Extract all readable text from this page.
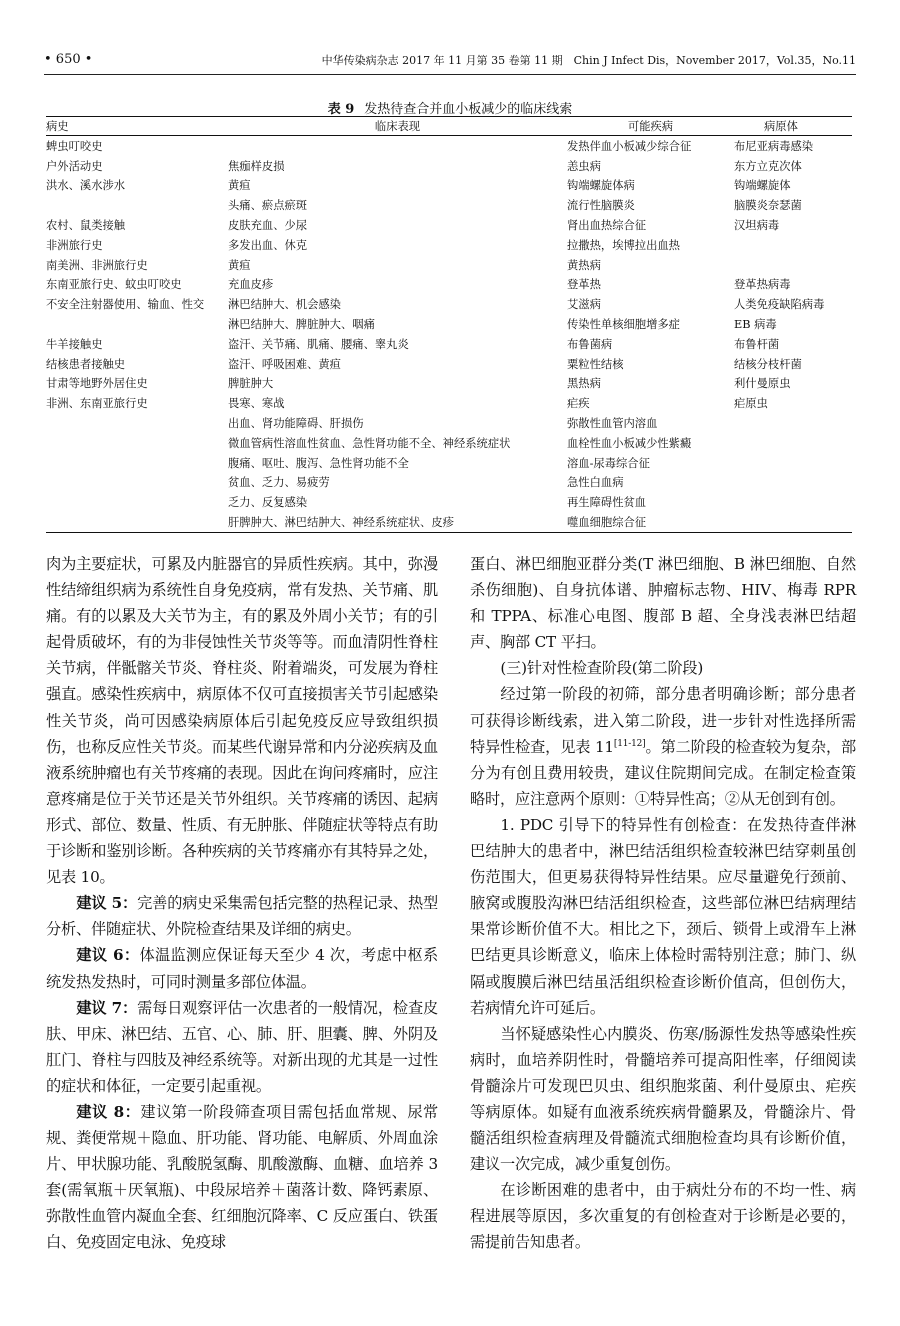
• 650 •	中华传染病杂志 2017 年 11 月第 35 卷第 11 期　Chin J Infect Dis，November 2017，Vol.35，No.11
表 9 发热待查合并血小板减少的临床线索
病史	临床表现	可能疾病	病原体
蜱虫叮咬史		发热伴血小板减少综合征	布尼亚病毒感染
户外活动史	焦痂样皮损	恙虫病	东方立克次体
洪水、溪水涉水	黄疸	钩端螺旋体病	钩端螺旋体
	头痛、瘀点瘀斑	流行性脑膜炎	脑膜炎奈瑟菌
农村、鼠类接触	皮肤充血、少尿	肾出血热综合征	汉坦病毒
非洲旅行史	多发出血、休克	拉撒热，埃博拉出血热	
南美洲、非洲旅行史	黄疸	黄热病	
东南亚旅行史、蚊虫叮咬史	充血皮疹	登革热	登革热病毒
不安全注射器使用、输血、性交	淋巴结肿大、机会感染	艾滋病	人类免疫缺陷病毒
	淋巴结肿大、脾脏肿大、咽痛	传染性单核细胞增多症	EB 病毒
牛羊接触史	盗汗、关节痛、肌痛、腰痛、睾丸炎	布鲁菌病	布鲁杆菌
结核患者接触史	盗汗、呼吸困难、黄疸	粟粒性结核	结核分枝杆菌
甘肃等地野外居住史	脾脏肿大	黑热病	利什曼原虫
非洲、东南亚旅行史	畏寒、寒战	疟疾	疟原虫
	出血、肾功能障碍、肝损伤	弥散性血管内溶血	
	微血管病性溶血性贫血、急性肾功能不全、神经系统症状	血栓性血小板减少性紫癜	
	腹痛、呕吐、腹泻、急性肾功能不全	溶血-尿毒综合征	
	贫血、乏力、易疲劳	急性白血病	
	乏力、反复感染	再生障碍性贫血	
	肝脾肿大、淋巴结肿大、神经系统症状、皮疹	噬血细胞综合征	

肉为主要症状，可累及内脏器官的异质性疾病。其中，弥漫性结缔组织病为系统性自身免疫病，常有发热、关节痛、肌痛。有的以累及大关节为主，有的累及外周小关节；有的引起骨质破坏，有的为非侵蚀性关节炎等等。而血清阴性脊柱关节病，伴骶髂关节炎、脊柱炎、附着端炎，可发展为脊柱强直。感染性疾病中，病原体不仅可直接损害关节引起感染性关节炎，尚可因感染病原体后引起免疫反应导致组织损伤，也称反应性关节炎。而某些代谢异常和内分泌疾病及血液系统肿瘤也有关节疼痛的表现。因此在询问疼痛时，应注意疼痛是位于关节还是关节外组织。关节疼痛的诱因、起病形式、部位、数量、性质、有无肿胀、伴随症状等特点有助于诊断和鉴别诊断。各种疾病的关节疼痛亦有其特异之处，见表 10。

建议 5：完善的病史采集需包括完整的热程记录、热型分析、伴随症状、外院检查结果及详细的病史。

建议 6：体温监测应保证每天至少 4 次，考虑中枢系统发热发热时，可同时测量多部位体温。

建议 7：需每日观察评估一次患者的一般情况，检查皮肤、甲床、淋巴结、五官、心、肺、肝、胆囊、脾、外阴及肛门、脊柱与四肢及神经系统等。对新出现的尤其是一过性的症状和体征，一定要引起重视。

建议 8：建议第一阶段筛查项目需包括血常规、尿常规、粪便常规＋隐血、肝功能、肾功能、电解质、外周血涂片、甲状腺功能、乳酸脱氢酶、肌酸激酶、血糖、血培养 3 套(需氧瓶＋厌氧瓶)、中段尿培养＋菌落计数、降钙素原、弥散性血管内凝血全套、红细胞沉降率、C 反应蛋白、铁蛋白、免疫固定电泳、免疫球

蛋白、淋巴细胞亚群分类(T 淋巴细胞、B 淋巴细胞、自然杀伤细胞)、自身抗体谱、肿瘤标志物、HIV、梅毒 RPR 和 TPPA、标准心电图、腹部 B 超、全身浅表淋巴结超声、胸部 CT 平扫。

(三)针对性检查阶段(第二阶段)

经过第一阶段的初筛，部分患者明确诊断；部分患者可获得诊断线索，进入第二阶段，进一步针对性选择所需特异性检查，见表 11[11-12]。第二阶段的检查较为复杂，部分为有创且费用较贵，建议住院期间完成。在制定检查策略时，应注意两个原则：①特异性高；②从无创到有创。

1. PDC 引导下的特异性有创检查：在发热待查伴淋巴结肿大的患者中，淋巴结活组织检查较淋巴结穿刺虽创伤范围大，但更易获得特异性结果。应尽量避免行颈前、腋窝或腹股沟淋巴结活组织检查，这些部位淋巴结病理结果常诊断价值不大。相比之下，颈后、锁骨上或滑车上淋巴结更具诊断意义，临床上体检时需特别注意；肺门、纵隔或腹膜后淋巴结虽活组织检查诊断价值高，但创伤大，若病情允许可延后。

当怀疑感染性心内膜炎、伤寒/肠源性发热等感染性疾病时，血培养阴性时，骨髓培养可提高阳性率，仔细阅读骨髓涂片可发现巴贝虫、组织胞浆菌、利什曼原虫、疟疾等病原体。如疑有血液系统疾病骨髓累及，骨髓涂片、骨髓活组织检查病理及骨髓流式细胞检查均具有诊断价值，建议一次完成，减少重复创伤。

在诊断困难的患者中，由于病灶分布的不均一性、病程进展等原因，多次重复的有创检查对于诊断是必要的，需提前告知患者。
